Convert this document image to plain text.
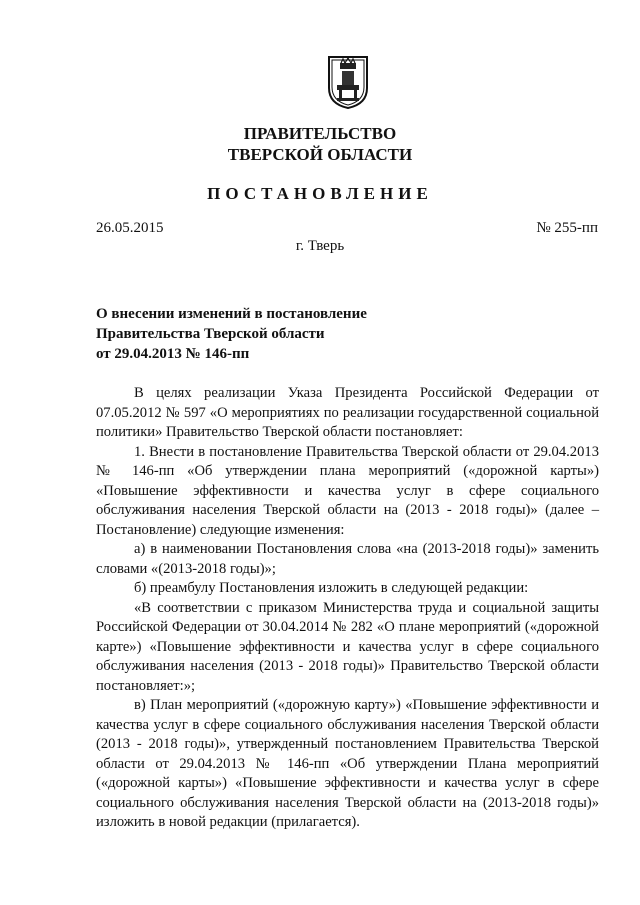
ПРАВИТЕЛЬСТВО
ТВЕРСКОЙ ОБЛАСТИ
ПОСТАНОВЛЕНИЕ
26.05.2015	№ 255-пп
г. Тверь
О внесении изменений в постановление
Правительства Тверской области
от 29.04.2013 № 146-пп

В целях реализации Указа Президента Российской Федерации от 07.05.2012 № 597 «О мероприятиях по реализации государственной социальной политики» Правительство Тверской области постановляет:

1. Внести в постановление Правительства Тверской области от 29.04.2013 № 146-пп «Об утверждении плана мероприятий («дорожной карты») «Повышение эффективности и качества услуг в сфере социального обслуживания населения Тверской области на (2013 - 2018 годы)» (далее – Постановление) следующие изменения:

а) в наименовании Постановления слова «на (2013-2018 годы)» заменить словами «(2013-2018 годы)»;

б) преамбулу Постановления изложить в следующей редакции:

«В соответствии с приказом Министерства труда и социальной защиты Российской Федерации от 30.04.2014 № 282 «О плане мероприятий («дорожной карте») «Повышение эффективности и качества услуг в сфере социального обслуживания населения (2013 - 2018 годы)» Правительство Тверской области постановляет:»;

в) План мероприятий («дорожную карту») «Повышение эффективности и качества услуг в сфере социального обслуживания населения Тверской области (2013 - 2018 годы)», утвержденный постановлением Правительства Тверской области от 29.04.2013 № 146-пп «Об утверждении Плана мероприятий («дорожной карты») «Повышение эффективности и качества услуг в сфере социального обслуживания населения Тверской области на (2013-2018 годы)» изложить в новой редакции (прилагается).
